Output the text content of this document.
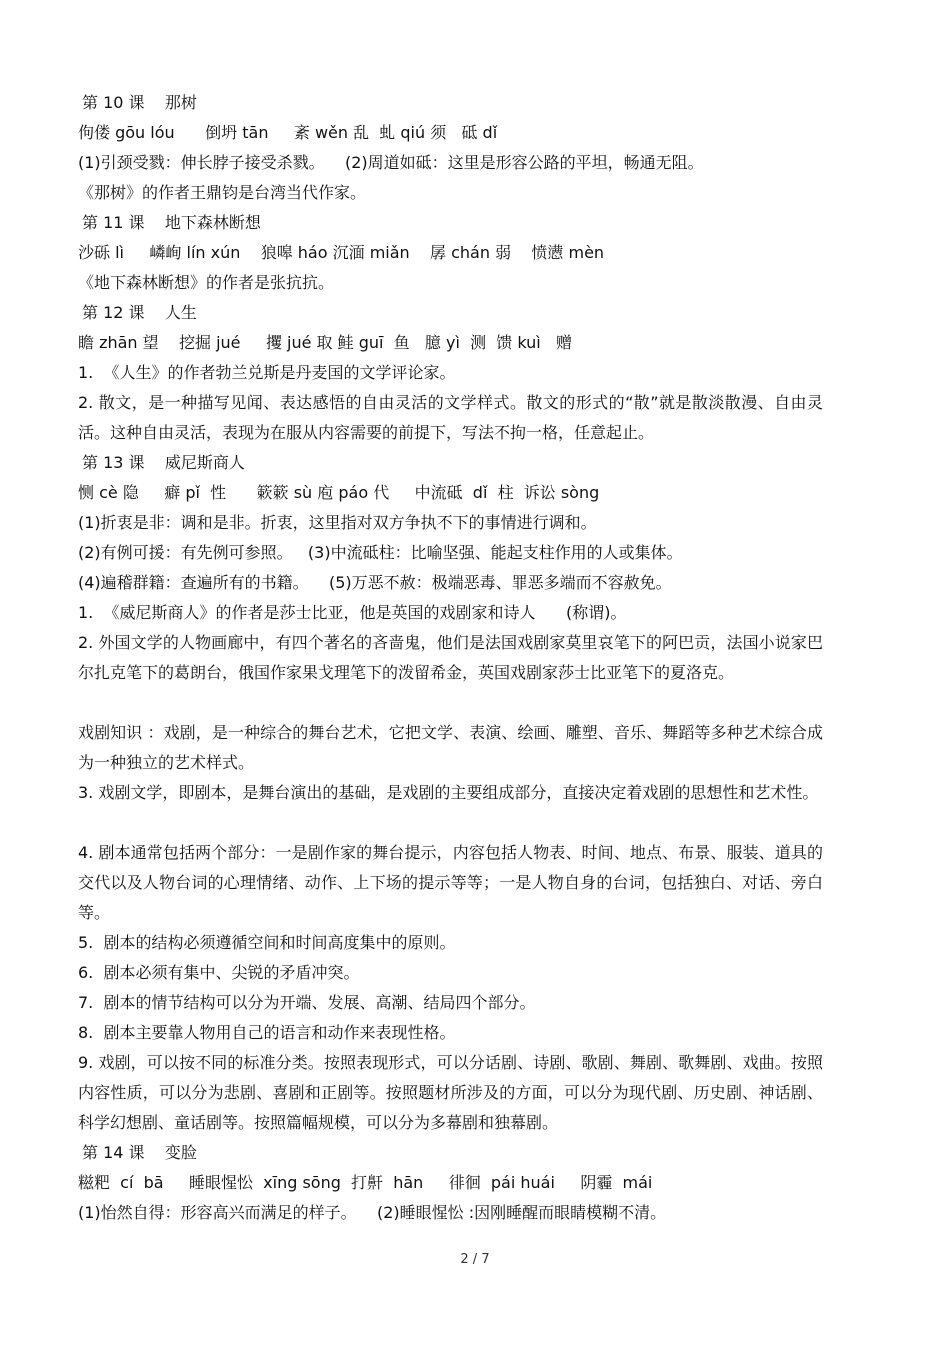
第 10 课    那树
佝偻 gōu lóu      倒坍 tān     紊 wěn 乱  虬 qiú 须   砥 dǐ
(1)引颈受戮：伸长脖子接受杀戮。    (2)周道如砥：这里是形容公路的平坦，畅通无阻。
《那树》的作者王鼎钧是台湾当代作家。
第 11 课    地下森林断想
沙砾 lì     嶙峋 lín xún    狼嗥 háo 沉湎 miǎn    孱 chán 弱    愤懑 mèn
《地下森林断想》的作者是张抗抗。
第 12 课    人生
瞻 zhān 望    挖掘 jué     攫 jué 取 鲑 guī  鱼   臆 yì  测  馈 kuì   赠
1.  《人生》的作者勃兰兑斯是丹麦国的文学评论家。
2. 散文，是一种描写见闻、表达感悟的自由灵活的文学样式。散文的形式的“散”就是散淡散漫、自由灵活。这种自由灵活，表现为在服从内容需要的前提下，写法不拘一格，任意起止。
第 13 课    威尼斯商人
恻 cè 隐     癖 pǐ  性      簌簌 sù 庖 páo 代     中流砥  dǐ  柱  诉讼 sòng
(1)折衷是非：调和是非。折衷，这里指对双方争执不下的事情进行调和。
(2)有例可援：有先例可参照。   (3)中流砥柱：比喻坚强、能起支柱作用的人或集体。
(4)遍稽群籍：查遍所有的书籍。    (5)万恶不赦：极端恶毒、罪恶多端而不容赦免。
1.  《威尼斯商人》的作者是莎士比亚，他是英国的戏剧家和诗人      (称谓)。
2. 外国文学的人物画廊中，有四个著名的吝啬鬼，他们是法国戏剧家莫里哀笔下的阿巴贡，法国小说家巴尔扎克笔下的葛朗台，俄国作家果戈理笔下的泼留希金，英国戏剧家莎士比亚笔下的夏洛克。
戏剧知识 ：戏剧，是一种综合的舞台艺术，它把文学、表演、绘画、雕塑、音乐、舞蹈等多种艺术综合成为一种独立的艺术样式。
3. 戏剧文学，即剧本，是舞台演出的基础，是戏剧的主要组成部分，直接决定着戏剧的思想性和艺术性。
4. 剧本通常包括两个部分：一是剧作家的舞台提示，内容包括人物表、时间、地点、布景、服装、道具的交代以及人物台词的心理情绪、动作、上下场的提示等等；一是人物自身的台词，包括独白、对话、旁白等。
5.  剧本的结构必须遵循空间和时间高度集中的原则。
6.  剧本必须有集中、尖锐的矛盾冲突。
7.  剧本的情节结构可以分为开端、发展、高潮、结局四个部分。
8.  剧本主要靠人物用自己的语言和动作来表现性格。
9. 戏剧，可以按不同的标准分类。按照表现形式，可以分话剧、诗剧、歌剧、舞剧、歌舞剧、戏曲。按照内容性质，可以分为悲剧、喜剧和正剧等。按照题材所涉及的方面，可以分为现代剧、历史剧、神话剧、科学幻想剧、童话剧等。按照篇幅规模，可以分为多幕剧和独幕剧。
第 14 课    变脸
糍粑  cí  bā     睡眼惺忪  xīng sōng  打鼾  hān     徘徊  pái huái     阴霾  mái
(1)怡然自得：形容高兴而满足的样子。    (2)睡眼惺忪 :因刚睡醒而眼睛模糊不清。
2 / 7
